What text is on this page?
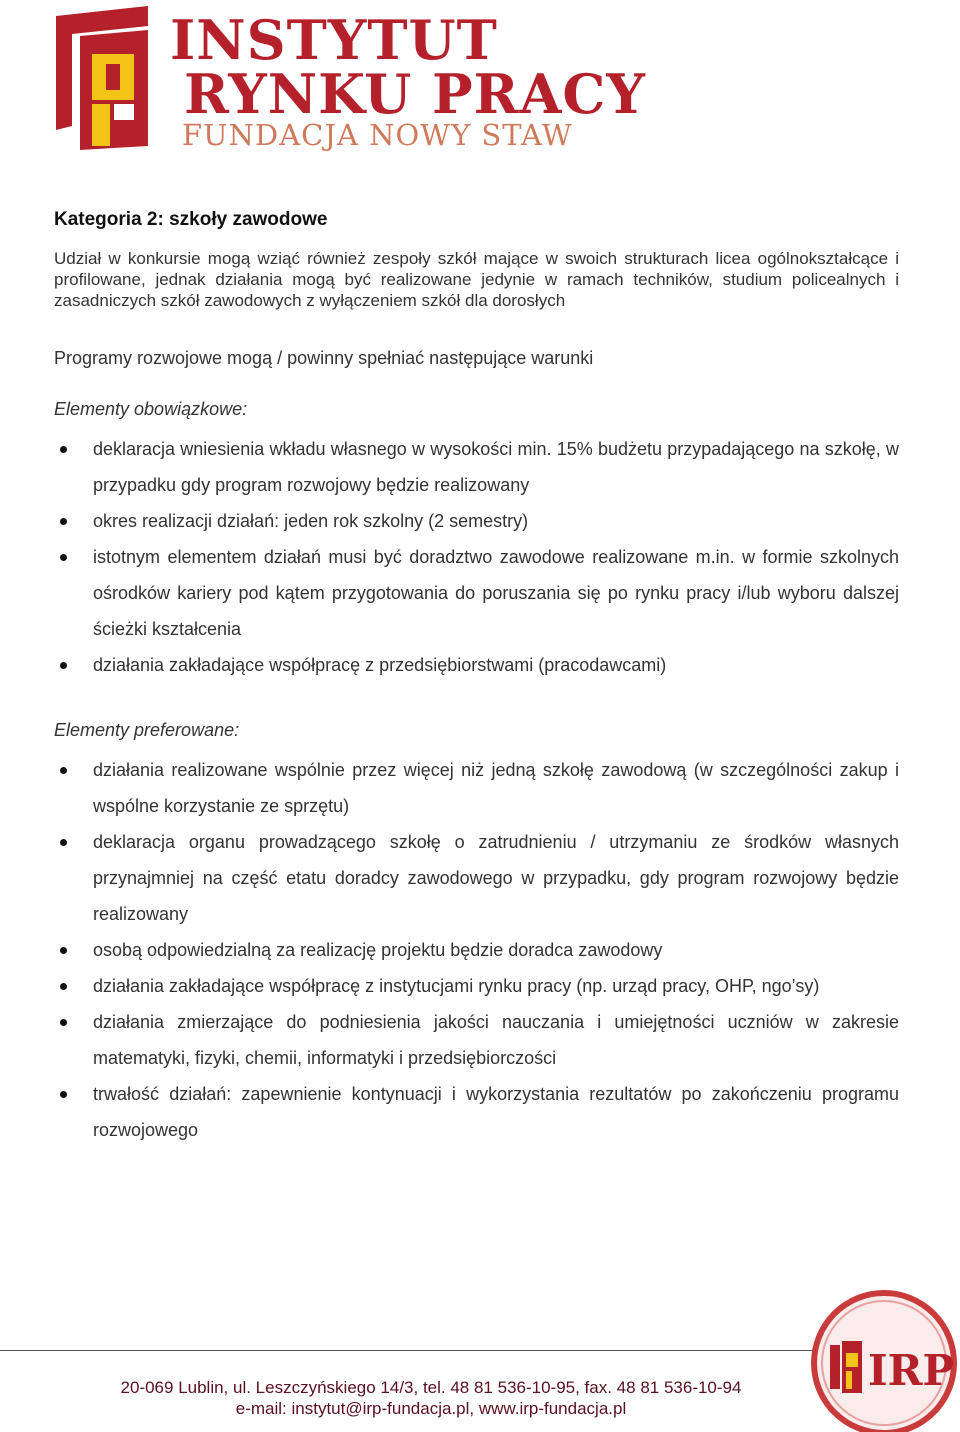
INSTYTUT
RYNKU PRACY
FUNDACJA NOWY STAW
Kategoria 2: szkoły zawodowe

Udział w konkursie mogą wziąć również zespoły szkół mające w swoich strukturach licea ogólnokształcące i profilowane, jednak działania mogą być realizowane jedynie w ramach techników, studium policealnych i zasadniczych szkół zawodowych z wyłączeniem szkół dla dorosłych

Programy rozwojowe mogą / powinny spełniać następujące warunki

Elementy obowiązkowe:
deklaracja wniesienia wkładu własnego w wysokości min. 15% budżetu przypadającego na szkołę, w przypadku gdy program rozwojowy będzie realizowany
okres realizacji działań: jeden rok szkolny (2 semestry)
istotnym elementem działań musi być doradztwo zawodowe realizowane m.in. w formie szkolnych ośrodków kariery pod kątem przygotowania do poruszania się po rynku pracy i/lub wyboru dalszej ścieżki kształcenia
działania zakładające współpracę z przedsiębiorstwami (pracodawcami)
Elementy preferowane:
działania realizowane wspólnie przez więcej niż jedną szkołę zawodową (w szczególności zakup i wspólne korzystanie ze sprzętu)
deklaracja organu prowadzącego szkołę o zatrudnieniu / utrzymaniu ze środków własnych przynajmniej na część etatu doradcy zawodowego w przypadku, gdy program rozwojowy będzie realizowany
osobą odpowiedzialną za realizację projektu będzie doradca zawodowy
działania zakładające współpracę z instytucjami rynku pracy (np. urząd pracy, OHP, ngo’sy)
działania zmierzające do podniesienia jakości nauczania i umiejętności uczniów w zakresie matematyki, fizyki, chemii, informatyki i przedsiębiorczości
trwałość działań: zapewnienie kontynuacji i wykorzystania rezultatów po zakończeniu programu rozwojowego
20-069 Lublin, ul. Leszczyńskiego 14/3, tel. 48 81 536-10-95, fax. 48 81 536-10-94
e-mail: instytut@irp-fundacja.pl, www.irp-fundacja.pl
IRP
